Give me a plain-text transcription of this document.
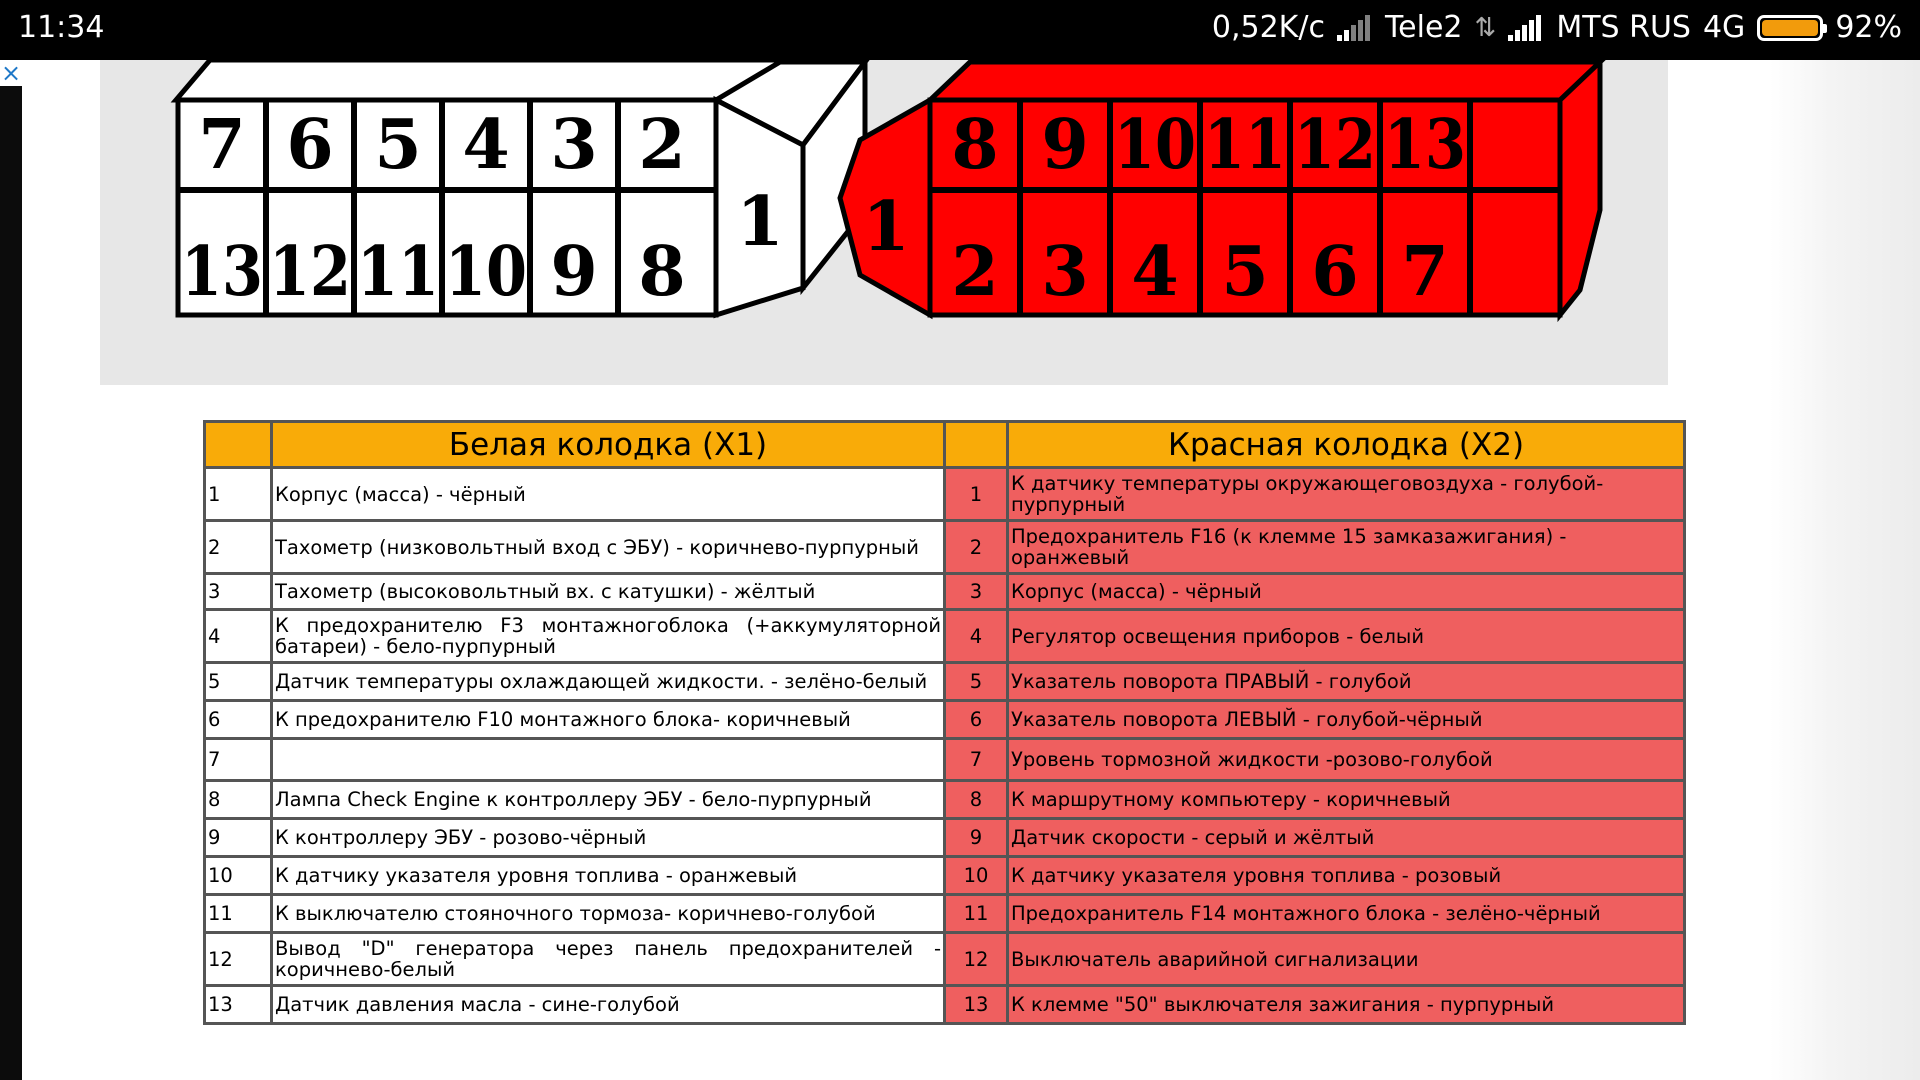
11:34	0,52K/c Tele2 ⇅ MTS RUS 4G	92%
×
7 6 5 4 3 2
13 12 11 10 9 8
1
8 9 10 11 12 13
2 3 4 5 6 7
1
	Белая колодка (X1)		Красная колодка (X2)
1	Корпус (масса) - чёрный	1	К датчику температуры окружающеговоздуха - голубой-пурпурный
2	Тахометр (низковольтный вход с ЭБУ) - коричнево-пурпурный	2	Предохранитель F16 (к клемме 15 замказажигания) - оранжевый
3	Тахометр (высоковольтный вх. с катушки) - жёлтый	3	Корпус (масса) - чёрный
4	К предохранителю F3 монтажногоблока (+аккумуляторной батареи) - бело-пурпурный	4	Регулятор освещения приборов - белый
5	Датчик температуры охлаждающей жидкости. - зелёно-белый	5	Указатель поворота ПРАВЫЙ - голубой
6	К предохранителю F10 монтажного блока- коричневый	6	Указатель поворота ЛЕВЫЙ - голубой-чёрный
7		7	Уровень тормозной жидкости -розово-голубой
8	Лампа Check Engine к контроллеру ЭБУ - бело-пурпурный	8	К маршрутному компьютеру - коричневый
9	К контроллеру ЭБУ - розово-чёрный	9	Датчик скорости - серый и жёлтый
10	К датчику указателя уровня топлива - оранжевый	10	К датчику указателя уровня топлива - розовый
11	К выключателю стояночного тормоза- коричнево-голубой	11	Предохранитель F14 монтажного блока - зелёно-чёрный
12	Вывод "D" генератора через панель предохранителей - коричнево-белый	12	Выключатель аварийной сигнализации
13	Датчик давления масла - сине-голубой	13	К клемме "50" выключателя зажигания - пурпурный
